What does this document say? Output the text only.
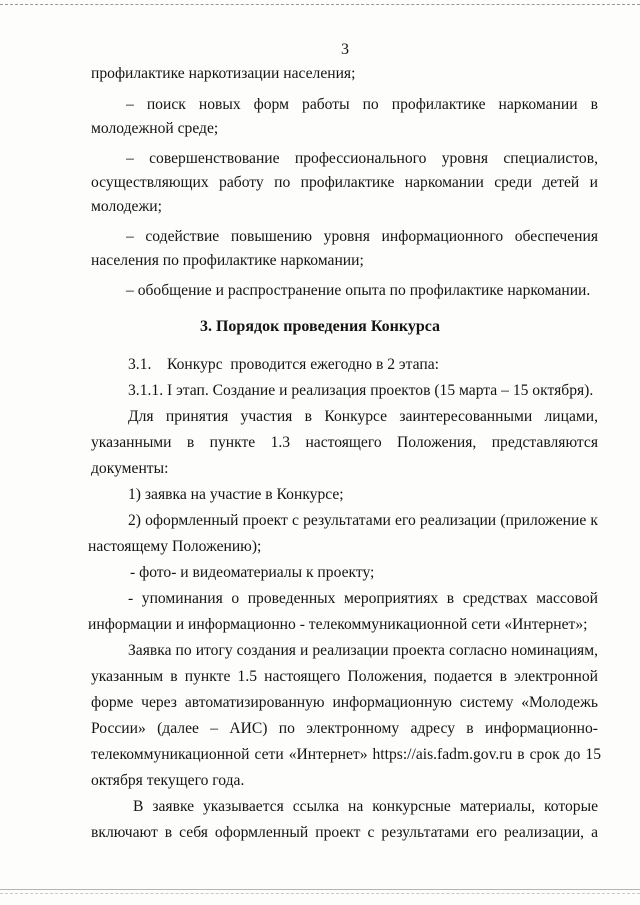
3
профилактике наркотизации населения;
– поиск новых форм работы по профилактике наркомании в
молодежной среде;
– совершенствование профессионального уровня специалистов,
осуществляющих работу по профилактике наркомании среди детей и
молодежи;
– содействие повышению уровня информационного обеспечения
населения по профилактике наркомании;
– обобщение и распространение опыта по профилактике наркомании.
3. Порядок проведения Конкурса
3.1.    Конкурс  проводится ежегодно в 2 этапа:
3.1.1. I этап. Создание и реализация проектов (15 марта – 15 октября).
Для принятия участия в Конкурсе заинтересованными лицами,
указанными в пункте 1.3 настоящего Положения, представляются
документы:
1) заявка на участие в Конкурсе;
2) оформленный проект с результатами его реализации (приложение к
настоящему Положению);
- фото- и видеоматериалы к проекту;
- упоминания о проведенных мероприятиях в средствах массовой
информации и информационно - телекоммуникационной сети «Интернет»;
Заявка по итогу создания и реализации проекта согласно номинациям,
указанным в пункте 1.5 настоящего Положения, подается в электронной
форме через автоматизированную информационную систему «Молодежь
России» (далее – АИС) по электронному адресу в информационно-
телекоммуникационной сети «Интернет» https://ais.fadm.gov.ru в срок до 15
октября текущего года.
В заявке указывается ссылка на конкурсные материалы, которые
включают в себя оформленный проект с результатами его реализации, а
